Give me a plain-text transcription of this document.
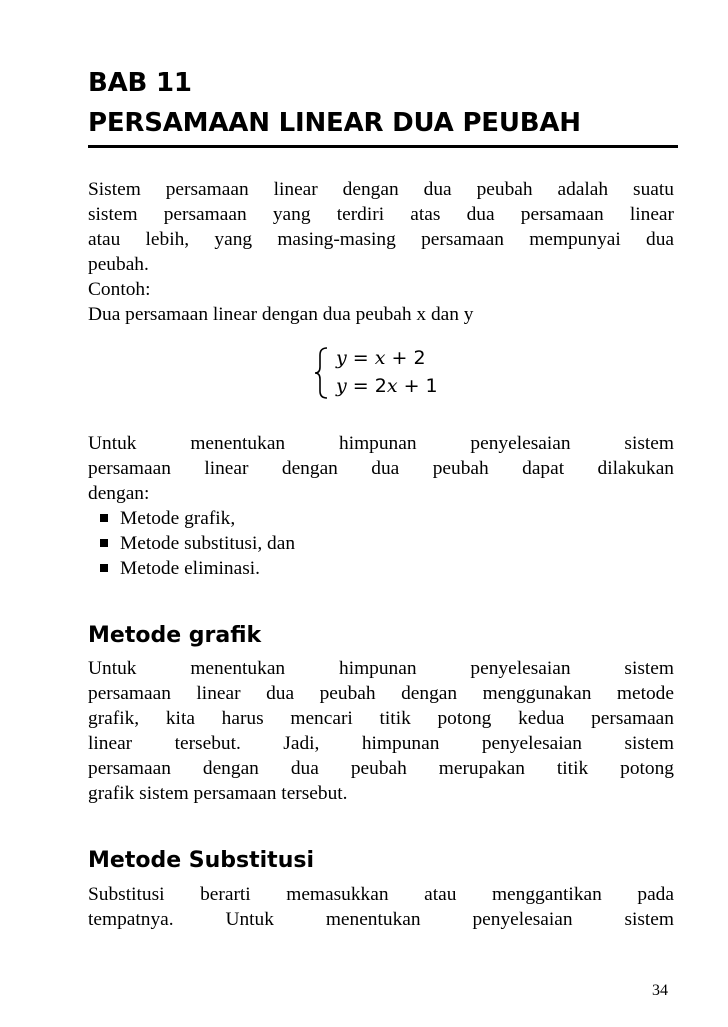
BAB 11
PERSAMAAN LINEAR DUA PEUBAH
Sistem persamaan linear dengan dua peubah adalah suatu
sistem persamaan yang terdiri atas dua persamaan linear
atau lebih, yang masing-masing persamaan mempunyai dua
peubah.
Contoh:
Dua persamaan linear dengan dua peubah x dan y
y = x + 2
y = 2x + 1
Untuk menentukan himpunan penyelesaian sistem
persamaan linear dengan dua peubah dapat dilakukan
dengan:
Metode grafik,
Metode substitusi, dan
Metode eliminasi.
Metode grafik
Untuk menentukan himpunan penyelesaian sistem
persamaan linear dua peubah dengan menggunakan metode
grafik, kita harus mencari titik potong kedua persamaan
linear tersebut. Jadi, himpunan penyelesaian sistem
persamaan dengan dua peubah merupakan titik potong
grafik sistem persamaan tersebut.
Metode Substitusi
Substitusi berarti memasukkan atau menggantikan pada
tempatnya. Untuk menentukan penyelesaian sistem
34
